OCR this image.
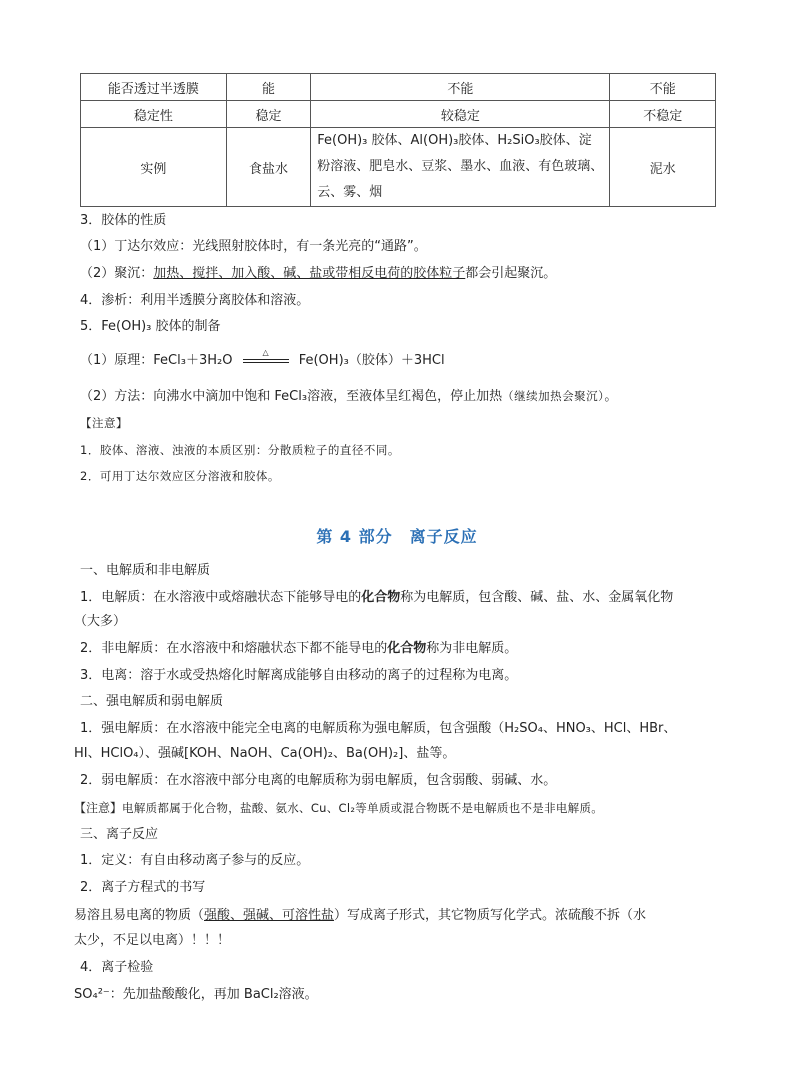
能否透过半透膜	能	不能	不能
稳定性	稳定	较稳定	不稳定
实例	食盐水	Fe(OH)₃ 胶体、Al(OH)₃胶体、H₂SiO₃胶体、淀粉溶液、肥皂水、豆浆、墨水、血液、有色玻璃、云、雾、烟	泥水
3．胶体的性质
（1）丁达尔效应：光线照射胶体时，有一条光亮的“通路”。
（2）聚沉：加热、搅拌、加入酸、碱、盐或带相反电荷的胶体粒子都会引起聚沉。
4．渗析：利用半透膜分离胶体和溶液。
5．Fe(OH)₃ 胶体的制备
（1）原理：FeCl₃＋3H₂O
△
Fe(OH)₃（胶体）＋3HCl
（2）方法：向沸水中滴加中饱和 FeCl₃溶液，至液体呈红褐色，停止加热（继续加热会聚沉）。
【注意】
1．胶体、溶液、浊液的本质区别：分散质粒子的直径不同。
2．可用丁达尔效应区分溶液和胶体。
第 4 部分　离子反应
一、电解质和非电解质
1．电解质：在水溶液中或熔融状态下能够导电的化合物称为电解质，包含酸、碱、盐、水、金属氧化物
（大多）
2．非电解质：在水溶液中和熔融状态下都不能导电的化合物称为非电解质。
3．电离：溶于水或受热熔化时解离成能够自由移动的离子的过程称为电离。
二、强电解质和弱电解质
1．强电解质：在水溶液中能完全电离的电解质称为强电解质，包含强酸（H₂SO₄、HNO₃、HCl、HBr、
HI、HClO₄）、强碱[KOH、NaOH、Ca(OH)₂、Ba(OH)₂]、盐等。
2．弱电解质：在水溶液中部分电离的电解质称为弱电解质，包含弱酸、弱碱、水。
【注意】电解质都属于化合物，盐酸、氨水、Cu、Cl₂等单质或混合物既不是电解质也不是非电解质。
三、离子反应
1．定义：有自由移动离子参与的反应。
2．离子方程式的书写
易溶且易电离的物质（强酸、强碱、可溶性盐）写成离子形式，其它物质写化学式。浓硫酸不拆（水
太少，不足以电离）！！！
4．离子检验
SO₄²⁻：先加盐酸酸化，再加 BaCl₂溶液。
